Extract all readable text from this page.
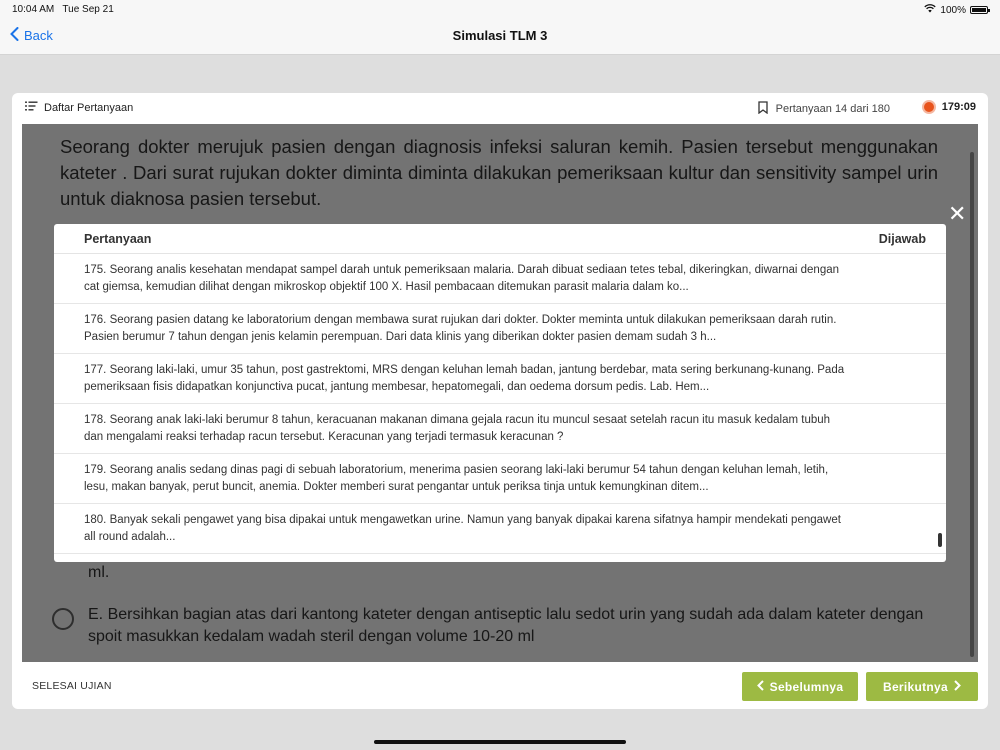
10:04 AM Tue Sep 21	100%
Back	Simulasi TLM 3
Daftar Pertanyaan	Pertanyaan 14 dari 180	179:09
SELESAI UJIAN	Sebelumnya	Berikutnya
✕
Pertanyaan	Dijawab
175. Seorang analis kesehatan mendapat sampel darah untuk pemeriksaan malaria. Darah dibuat sediaan tetes tebal, dikeringkan, diwarnai dengan cat giemsa, kemudian dilihat dengan mikroskop objektif 100 X. Hasil pembacaan ditemukan parasit malaria dalam ko...
176. Seorang pasien datang ke laboratorium dengan membawa surat rujukan dari dokter. Dokter meminta untuk dilakukan pemeriksaan darah rutin. Pasien berumur 7 tahun dengan jenis kelamin perempuan. Dari data klinis yang diberikan dokter pasien demam sudah 3 h...
177. Seorang laki-laki, umur 35 tahun, post gastrektomi, MRS dengan keluhan lemah badan, jantung berdebar, mata sering berkunang-kunang. Pada pemeriksaan fisis didapatkan konjunctiva pucat, jantung membesar, hepatomegali, dan oedema dorsum pedis. Lab. Hem...
178. Seorang anak laki-laki berumur 8 tahun, keracuanan makanan dimana gejala racun itu muncul sesaat setelah racun itu masuk kedalam tubuh dan mengalami reaksi terhadap racun tersebut. Keracunan yang terjadi termasuk keracunan ?
179. Seorang analis sedang dinas pagi di sebuah laboratorium, menerima pasien seorang laki-laki berumur 54 tahun dengan keluhan lemah, letih, lesu, makan banyak, perut buncit, anemia. Dokter memberi surat pengantar untuk periksa tinja untuk kemungkinan ditem...
180. Banyak sekali pengawet yang bisa dipakai untuk mengawetkan urine. Namun yang banyak dipakai karena sifatnya hampir mendekati pengawet all round adalah...
